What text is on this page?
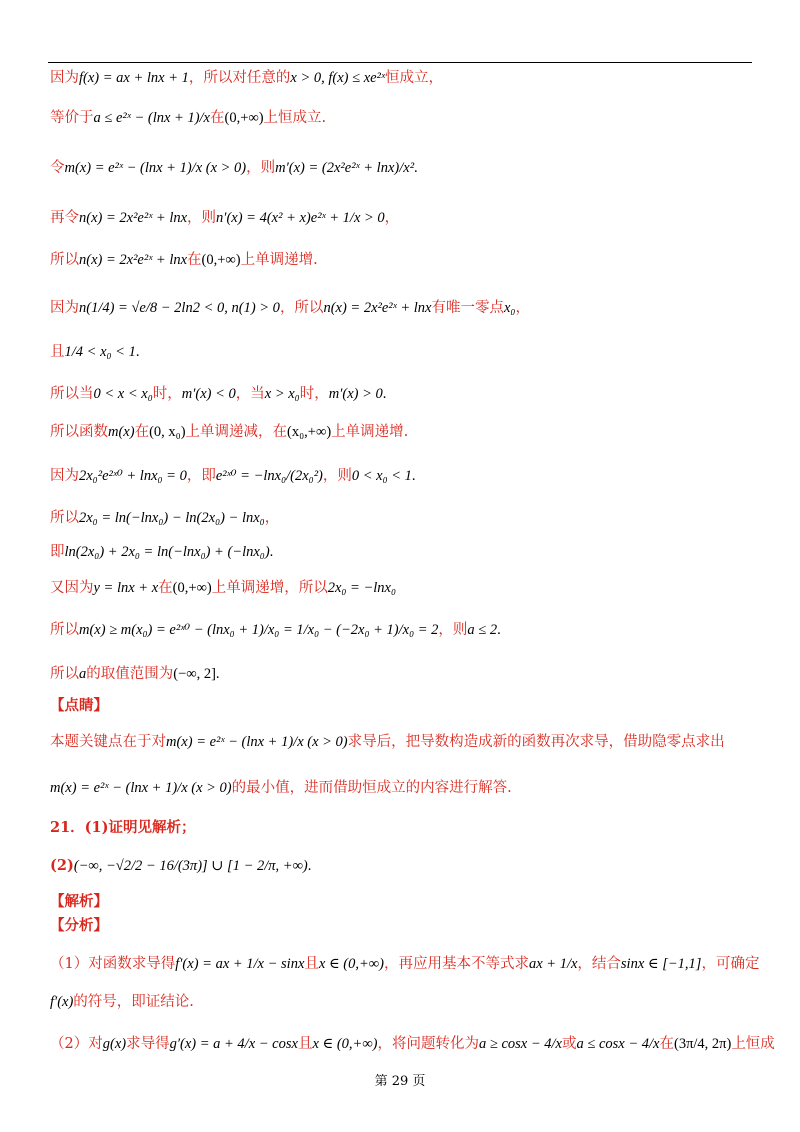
因为f(x) = ax + lnx + 1，所以对任意的x > 0, f(x) ≤ xe²ˣ恒成立，
等价于a ≤ e²ˣ − (lnx + 1)/x在(0,+∞)上恒成立.
令m(x) = e²ˣ − (lnx + 1)/x (x > 0)，则m′(x) = (2x²e²ˣ + lnx)/x².
再令n(x) = 2x²e²ˣ + lnx，则n′(x) = 4(x² + x)e²ˣ + 1/x > 0，
所以n(x) = 2x²e²ˣ + lnx在(0,+∞)上单调递增.
因为n(1/4) = √e/8 − 2ln2 < 0, n(1) > 0，所以n(x) = 2x²e²ˣ + lnx有唯一零点x₀，
且1/4 < x₀ < 1.
所以当0 < x < x₀时，m′(x) < 0，当x > x₀时，m′(x) > 0.
所以函数m(x)在(0, x₀)上单调递减，在(x₀,+∞)上单调递增.
因为2x₀²e²ˣ⁰ + lnx₀ = 0，即e²ˣ⁰ = −lnx₀/(2x₀²)，则0 < x₀ < 1.
所以2x₀ = ln(−lnx₀) − ln(2x₀) − lnx₀，
即ln(2x₀) + 2x₀ = ln(−lnx₀) + (−lnx₀).
又因为y = lnx + x在(0,+∞)上单调递增，所以2x₀ = −lnx₀
所以m(x) ≥ m(x₀) = e²ˣ⁰ − (lnx₀ + 1)/x₀ = 1/x₀ − (−2x₀ + 1)/x₀ = 2，则a ≤ 2.
所以a的取值范围为(−∞, 2].
【点睛】
本题关键点在于对m(x) = e²ˣ − (lnx + 1)/x (x > 0)求导后，把导数构造成新的函数再次求导，借助隐零点求出
m(x) = e²ˣ − (lnx + 1)/x (x > 0)的最小值，进而借助恒成立的内容进行解答.
21．(1)证明见解析；
(2)(−∞, −√2/2 − 16/(3π)] ∪ [1 − 2/π, +∞).
【解析】
【分析】
（1）对函数求导得f′(x) = ax + 1/x − sinx且x ∈ (0,+∞)，再应用基本不等式求ax + 1/x，结合sinx ∈ [−1,1]，可确定
f′(x)的符号，即证结论.
（2）对g(x)求导得g′(x) = a + 4/x − cosx且x ∈ (0,+∞)，将问题转化为a ≥ cosx − 4/x或a ≤ cosx − 4/x在(3π/4, 2π)上恒成
第 29 页
